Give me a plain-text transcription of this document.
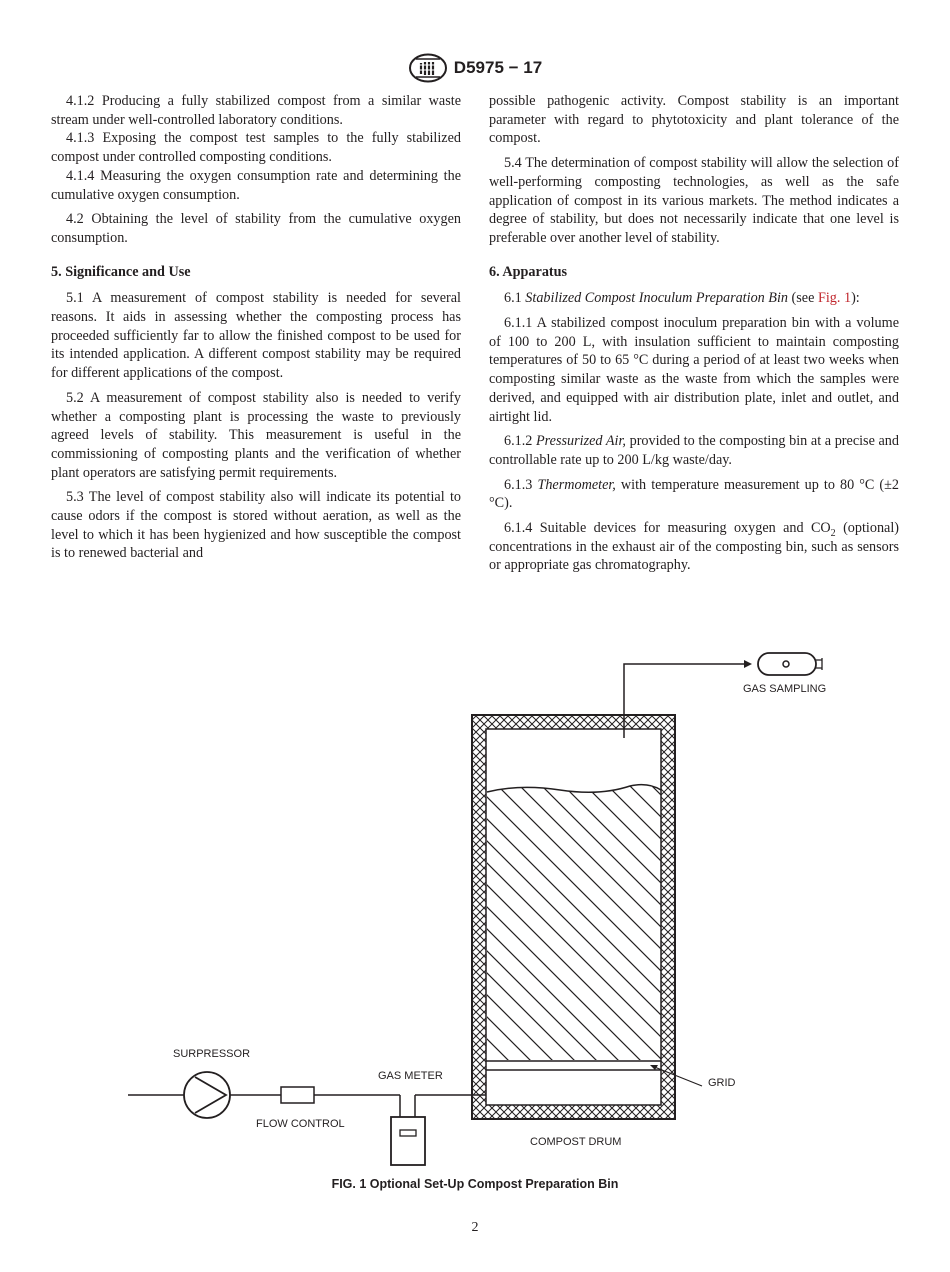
D5975 − 17

4.1.2 Producing a fully stabilized compost from a similar waste stream under well-controlled laboratory conditions.

4.1.3 Exposing the compost test samples to the fully stabilized compost under controlled composting conditions.

4.1.4 Measuring the oxygen consumption rate and determining the cumulative oxygen consumption.

4.2 Obtaining the level of stability from the cumulative oxygen consumption.

5. Significance and Use

5.1 A measurement of compost stability is needed for several reasons. It aids in assessing whether the composting process has proceeded sufficiently far to allow the finished compost to be used for its intended application. A different compost stability may be required for different applications of the compost.

5.2 A measurement of compost stability also is needed to verify whether a composting plant is processing the waste to previously agreed levels of stability. This measurement is useful in the commissioning of composting plants and the verification of whether plant operators are satisfying permit requirements.

5.3 The level of compost stability also will indicate its potential to cause odors if the compost is stored without aeration, as well as the level to which it has been hygienized and how susceptible the compost is to renewed bacterial and

possible pathogenic activity. Compost stability is an important parameter with regard to phytotoxicity and plant tolerance of the compost.

5.4 The determination of compost stability will allow the selection of well-performing composting technologies, as well as the safe application of compost in its various markets. The method indicates a degree of stability, but does not necessarily indicate that one level is preferable over another level of stability.

6. Apparatus

6.1 Stabilized Compost Inoculum Preparation Bin (see Fig. 1):

6.1.1 A stabilized compost inoculum preparation bin with a volume of 100 to 200 L, with insulation sufficient to maintain composting temperatures of 50 to 65 °C during a period of at least two weeks when composting similar waste as the waste from which the samples were derived, and equipped with air distribution plate, inlet and outlet, and airtight lid.

6.1.2 Pressurized Air, provided to the composting bin at a precise and controllable rate up to 200 L/kg waste/day.

6.1.3 Thermometer, with temperature measurement up to 80 °C (±2 °C).

6.1.4 Suitable devices for measuring oxygen and $CO_2$ (optional) concentrations in the exhaust air of the composting bin, such as sensors or appropriate gas chromatography.

GAS SAMPLING
SURPRESSOR
GAS METER
FLOW CONTROL
GRID
COMPOST DRUM
FIG. 1 Optional Set-Up Compost Preparation Bin
2
